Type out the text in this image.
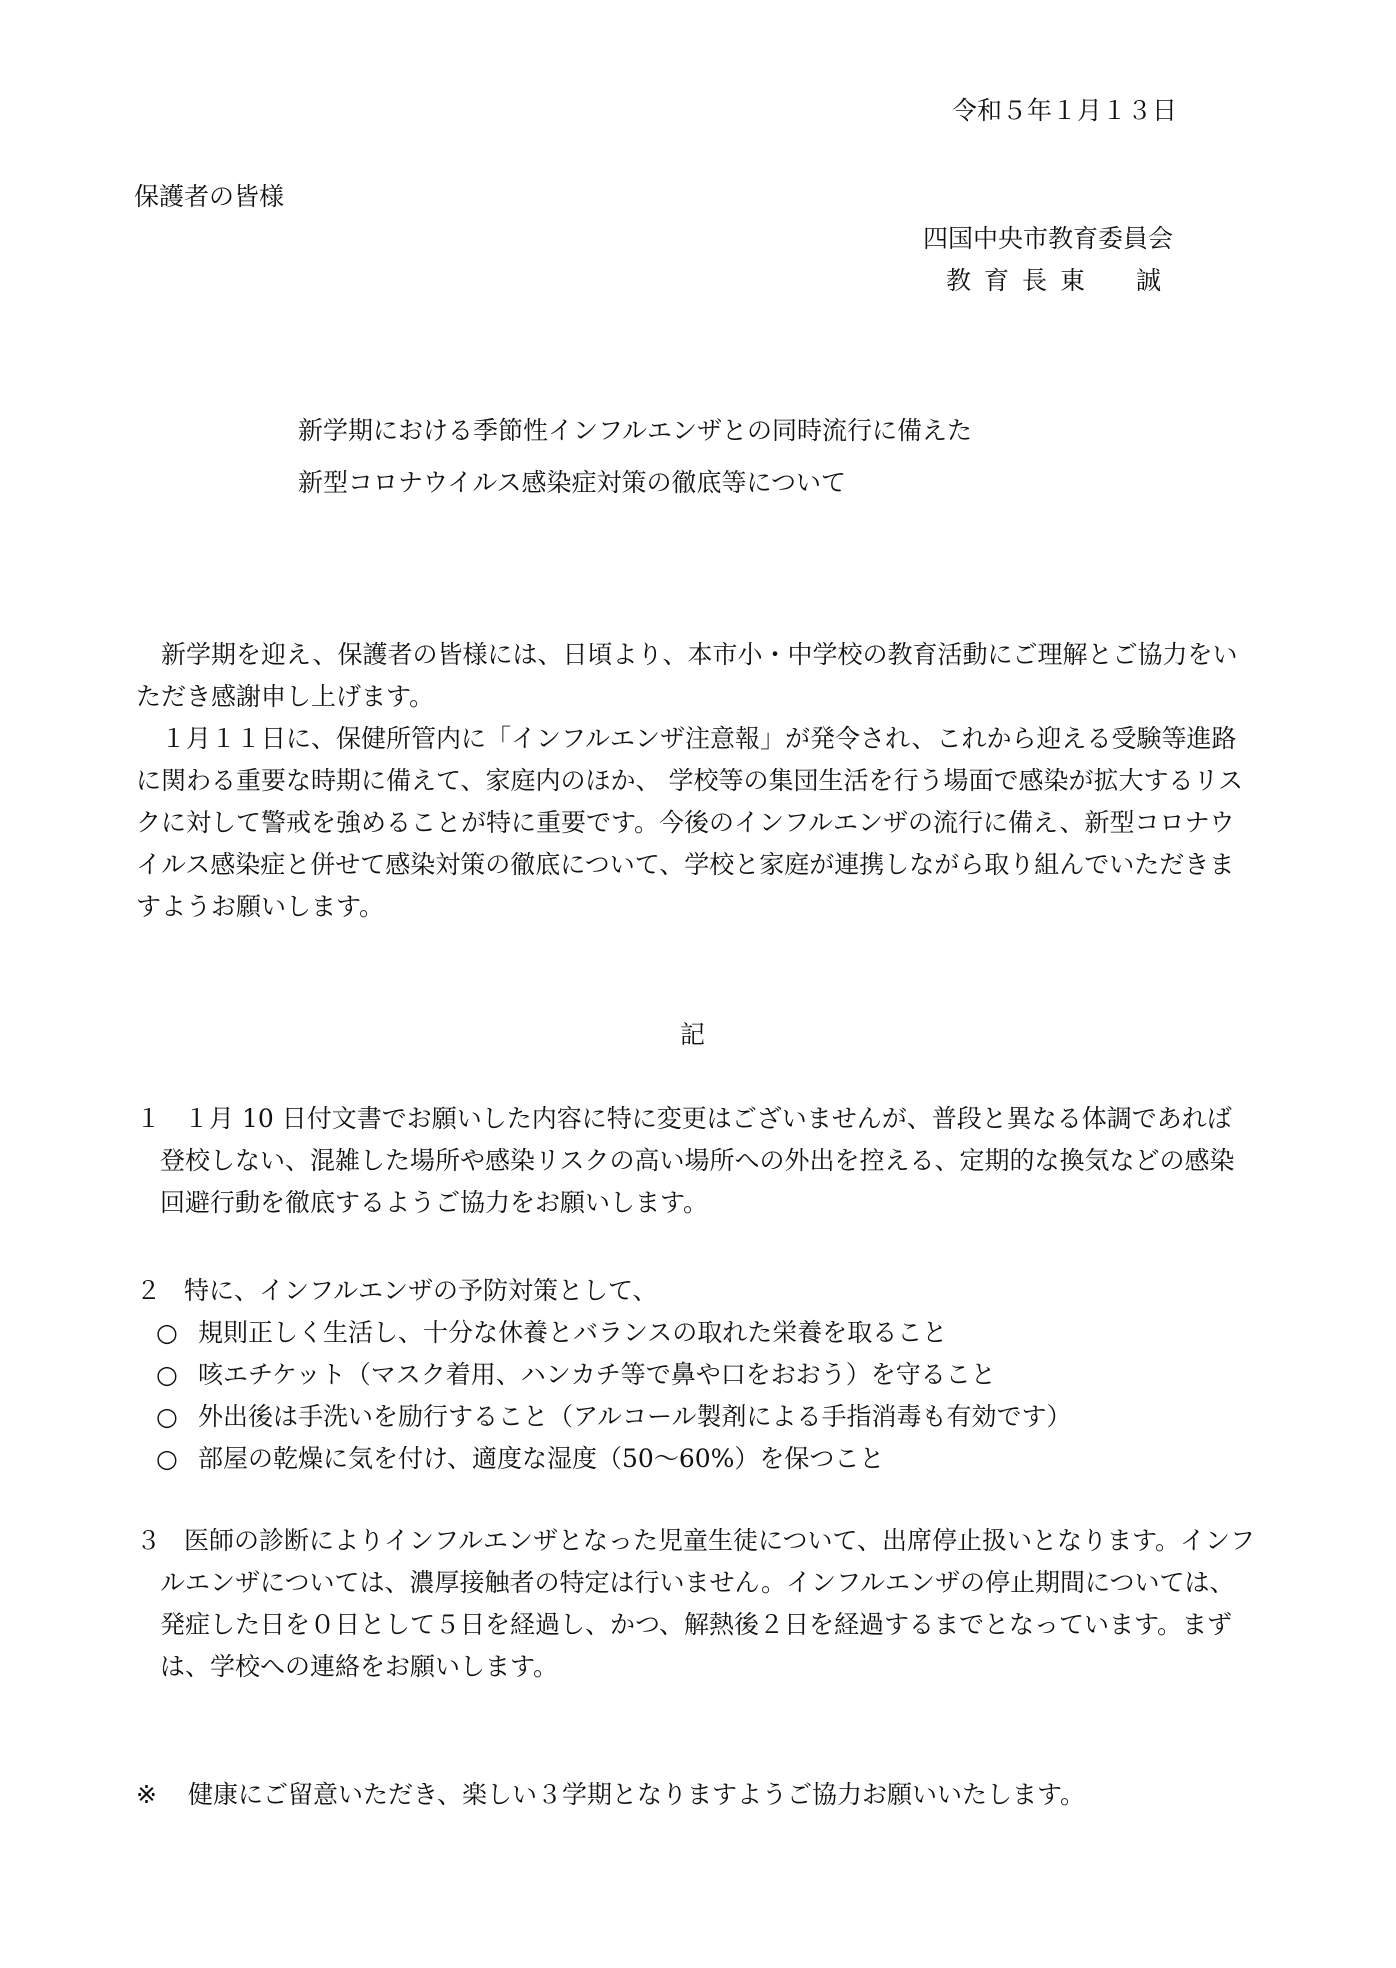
令和５年１月１３日
保護者の皆様
四国中央市教育委員会
教育長東　誠
新学期における季節性インフルエンザとの同時流行に備えた
新型コロナウイルス感染症対策の徹底等について

　新学期を迎え、保護者の皆様には、日頃より、本市小・中学校の教育活動にご理解とご協力をいただき感謝申し上げます。

　１月１１日に、保健所管内に「インフルエンザ注意報」が発令され、これから迎える受験等進路に関わる重要な時期に備えて、家庭内のほか、 学校等の集団生活を行う場面で感染が拡大するリスクに対して警戒を強めることが特に重要です。今後のインフルエンザの流行に備え、新型コロナウイルス感染症と併せて感染対策の徹底について、学校と家庭が連携しながら取り組んでいただきますようお願いします。

記
１ １月 10 日付文書でお願いした内容に特に変更はございませんが、普段と異なる体調であれば登校しない、混雑した場所や感染リスクの高い場所への外出を控える、定期的な換気などの感染回避行動を徹底するようご協力をお願いします。

２ 特に、インフルエンザの予防対策として、

○ 規則正しく生活し、十分な休養とバランスの取れた栄養を取ること
○ 咳エチケット（マスク着用、ハンカチ等で鼻や口をおおう）を守ること
○ 外出後は手洗いを励行すること（アルコール製剤による手指消毒も有効です）
○ 部屋の乾燥に気を付け、適度な湿度（50～60%）を保つこと
３ 医師の診断によりインフルエンザとなった児童生徒について、出席停止扱いとなります。インフルエンザについては、濃厚接触者の特定は行いません。インフルエンザの停止期間については、発症した日を０日として５日を経過し、かつ、解熱後２日を経過するまでとなっています。まずは、学校への連絡をお願いします。

※ 健康にご留意いただき、楽しい３学期となりますようご協力お願いいたします。
